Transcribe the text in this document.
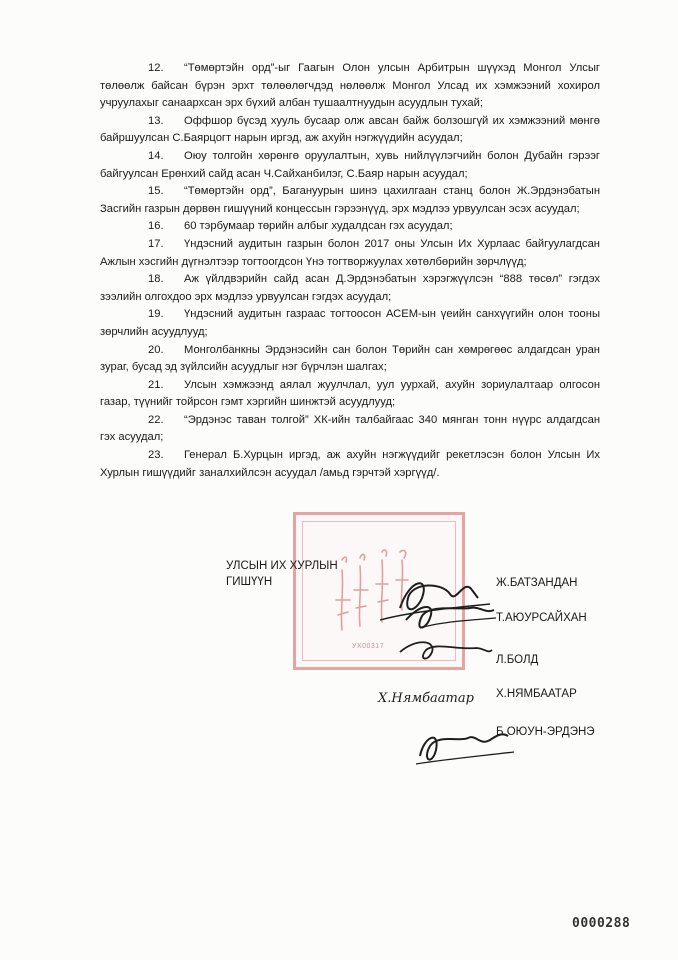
12. “Төмөртэйн орд”-ыг Гаагын Олон улсын Арбитрын шүүхэд Монгол Улсыг төлөөлж байсан бүрэн эрхт төлөөлөгчдэд нөлөөлж Монгол Улсад их хэмжээний хохирол учруулахыг санаархсан эрх бүхий албан тушаалтнуудын асуудлын тухай;

13. Оффшор бүсэд хууль бусаар олж авсан байж болзошгүй их хэмжээний мөнгө байршуулсан С.Баярцогт нарын иргэд, аж ахуйн нэгжүүдийн асуудал;

14. Оюу толгойн хөрөнгө оруулалтын, хувь нийлүүлэгчийн болон Дубайн гэрээг байгуулсан Ерөнхий сайд асан Ч.Сайханбилэг, С.Баяр нарын асуудал;

15. “Төмөртэйн орд”, Багануурын шинэ цахилгаан станц болон Ж.Эрдэнэбатын Засгийн газрын дөрвөн гишүүний концессын гэрээнүүд, эрх мэдлээ урвуулсан эсэх асуудал;

16. 60 тэрбумаар төрийн албыг худалдсан гэх асуудал;

17. Үндэсний аудитын газрын болон 2017 оны Улсын Их Хурлаас байгуулагдсан Ажлын хэсгийн дүгнэлтээр тогтоогдсон Үнэ тогтворжуулах хөтөлбөрийн зөрчлүүд;

18. Аж үйлдвэрийн сайд асан Д.Эрдэнэбатын хэрэгжүүлсэн “888 төсөл” гэгдэх зээлийн олгохдоо эрх мэдлээ урвуулсан гэгдэх асуудал;

19. Үндэсний аудитын газраас тогтоосон АСЕМ-ын үеийн санхүүгийн олон тооны зөрчлийн асуудлууд;

20. Монголбанкны Эрдэнэсийн сан болон Төрийн сан хөмрөгөөс алдагдсан уран зураг, бусад эд зүйлсийн асуудлыг нэг бүрчлэн шалгах;

21. Улсын хэмжээнд аялал жуулчлал, уул уурхай, ахуйн зориулалтаар олгосон газар, түүнийг тойрсон гэмт хэргийн шинжтэй асуудлууд;

22. “Эрдэнэс таван толгой” ХК-ийн талбайгаас 340 мянган тонн нүүрс алдагдсан гэх асуудал;

23. Генерал Б.Хурцын иргэд, аж ахуйн нэгжүүдийг рекетлэсэн болон Улсын Их Хурлын гишүүдийг заналхийлсэн асуудал /амьд гэрчтэй хэргүүд/.

УХ00317
УЛСЫН ИХ ХУРЛЫН
ГИШҮҮН
Х.Нямбаатар
Ж.БАТЗАНДАН
Т.АЮУРСАЙХАН
Л.БОЛД
Х.НЯМБААТАР
Б.ОЮУН-ЭРДЭНЭ
0000288
